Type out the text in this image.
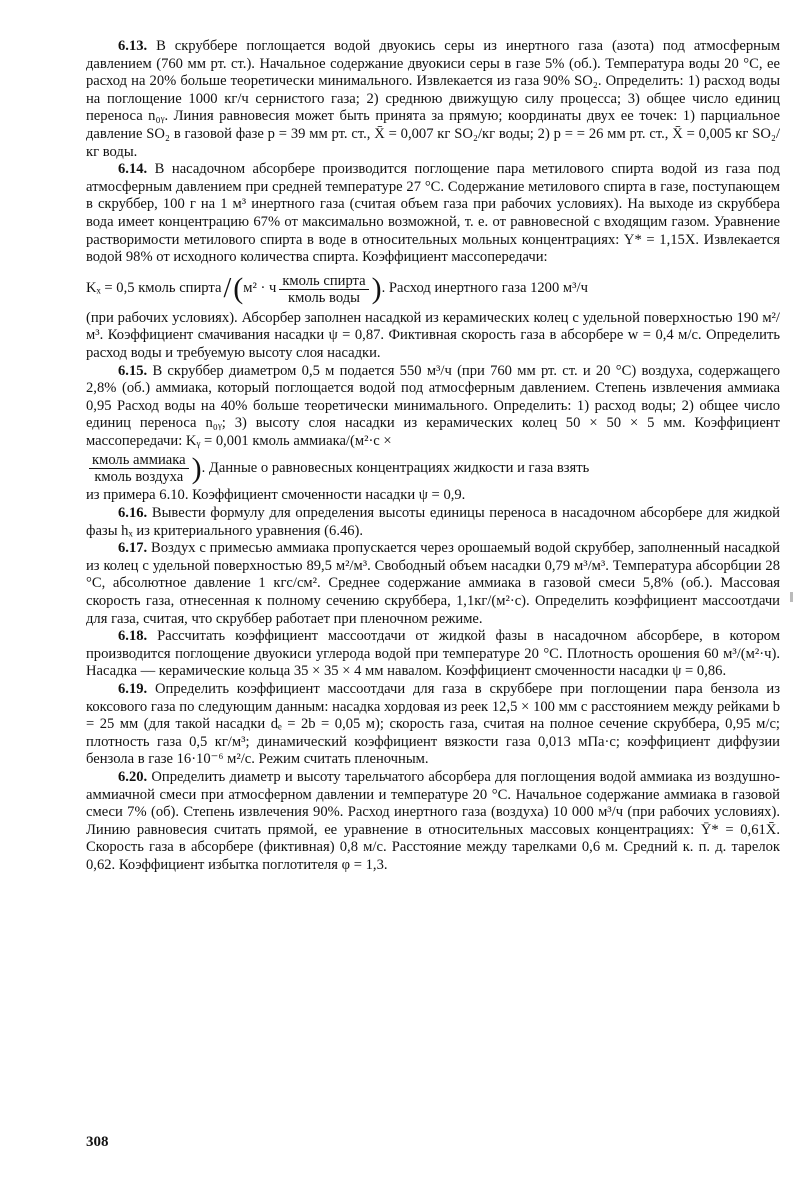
6.13. В скруббере поглощается водой двуокись серы из инертного газа (азота) под атмосферным давлением (760 мм рт. ст.). Начальное содержание двуокиси серы в газе 5% (об.). Температура воды 20 °С, ее расход на 20% больше теоретически минимального. Извлекается из газа 90% SO₂. Определить: 1) расход воды на поглощение 1000 кг/ч сернистого газа; 2) среднюю движущую силу процесса; 3) общее число единиц переноса n₀ᵧ. Линия равновесия может быть принята за прямую; координаты двух ее точек: 1) парциальное давление SO₂ в газовой фазе p = 39 мм рт. ст., X̄ = 0,007 кг SO₂/кг воды; 2) p = = 26 мм рт. ст., X̄ = 0,005 кг SO₂/кг воды.

6.14. В насадочном абсорбере производится поглощение пара метилового спирта водой из газа под атмосферным давлением при средней температуре 27 °С. Содержание метилового спирта в газе, поступающем в скруббер, 100 г на 1 м³ инертного газа (считая объем газа при рабочих условиях). На выходе из скруббера вода имеет концентрацию 67% от максимально возможной, т. е. от равновесной с входящим газом. Уравнение растворимости метилового спирта в воде в относительных мольных концентрациях: Y* = 1,15X. Извлекается водой 98% от исходного количества спирта. Коэффициент массопередачи:

Kₓ = 0,5 кмоль спирта / ( м² · ч $\frac{\text{кмоль спирта}}{\text{кмоль воды}}$ ) . Расход инертного газа 1200 м³/ч

(при рабочих условиях). Абсорбер заполнен насадкой из керамических колец с удельной поверхностью 190 м²/м³. Коэффициент смачивания насадки ψ = 0,87. Фиктивная скорость газа в абсорбере w = 0,4 м/с. Определить расход воды и требуемую высоту слоя насадки.

6.15. В скруббер диаметром 0,5 м подается 550 м³/ч (при 760 мм рт. ст. и 20 °С) воздуха, содержащего 2,8% (об.) аммиака, который поглощается водой под атмосферным давлением. Степень извлечения аммиака 0,95 Расход воды на 40% больше теоретически минимального. Определить: 1) расход воды; 2) общее число единиц переноса n₀ᵧ; 3) высоту слоя насадки из керамических колец 50 × 50 × 5 мм. Коэффициент массопередачи: Kᵧ = 0,001 кмоль аммиака/(м²·с ×

$\frac{\text{кмоль аммиака}}{\text{кмоль воздуха}}$ ) . Данные о равновесных концентрациях жидкости и газа взять

из примера 6.10. Коэффициент смоченности насадки ψ = 0,9.

6.16. Вывести формулу для определения высоты единицы переноса в насадочном абсорбере для жидкой фазы hₓ из критериального уравнения (6.46).

6.17. Воздух с примесью аммиака пропускается через орошаемый водой скруббер, заполненный насадкой из колец с удельной поверхностью 89,5 м²/м³. Свободный объем насадки 0,79 м³/м³. Температура абсорбции 28 °С, абсолютное давление 1 кгс/см². Среднее содержание аммиака в газовой смеси 5,8% (об.). Массовая скорость газа, отнесенная к полному сечению скруббера, 1,1кг/(м²·с). Определить коэффициент массоотдачи для газа, считая, что скруббер работает при пленочном режиме.

6.18. Рассчитать коэффициент массоотдачи от жидкой фазы в насадочном абсорбере, в котором производится поглощение двуокиси углерода водой при температуре 20 °С. Плотность орошения 60 м³/(м²·ч). Насадка — керамические кольца 35 × 35 × 4 мм навалом. Коэффициент смоченности насадки ψ = 0,86.

6.19. Определить коэффициент массоотдачи для газа в скруббере при поглощении пара бензола из коксового газа по следующим данным: насадка хордовая из реек 12,5 × 100 мм с расстоянием между рейками b = 25 мм (для такой насадки dₑ = 2b = 0,05 м); скорость газа, считая на полное сечение скруббера, 0,95 м/с; плотность газа 0,5 кг/м³; динамический коэффициент вязкости газа 0,013 мПа·с; коэффициент диффузии бензола в газе 16·10⁻⁶ м²/с. Режим считать пленочным.

6.20. Определить диаметр и высоту тарельчатого абсорбера для поглощения водой аммиака из воздушно-аммиачной смеси при атмосферном давлении и температуре 20 °С. Начальное содержание аммиака в газовой смеси 7% (об). Степень извлечения 90%. Расход инертного газа (воздуха) 10 000 м³/ч (при рабочих условиях). Линию равновесия считать прямой, ее уравнение в относительных массовых концентрациях: Ȳ* = 0,61X̄. Скорость газа в абсорбере (фиктивная) 0,8 м/с. Расстояние между тарелками 0,6 м. Средний к. п. д. тарелок 0,62. Коэффициент избытка поглотителя φ = 1,3.

308
